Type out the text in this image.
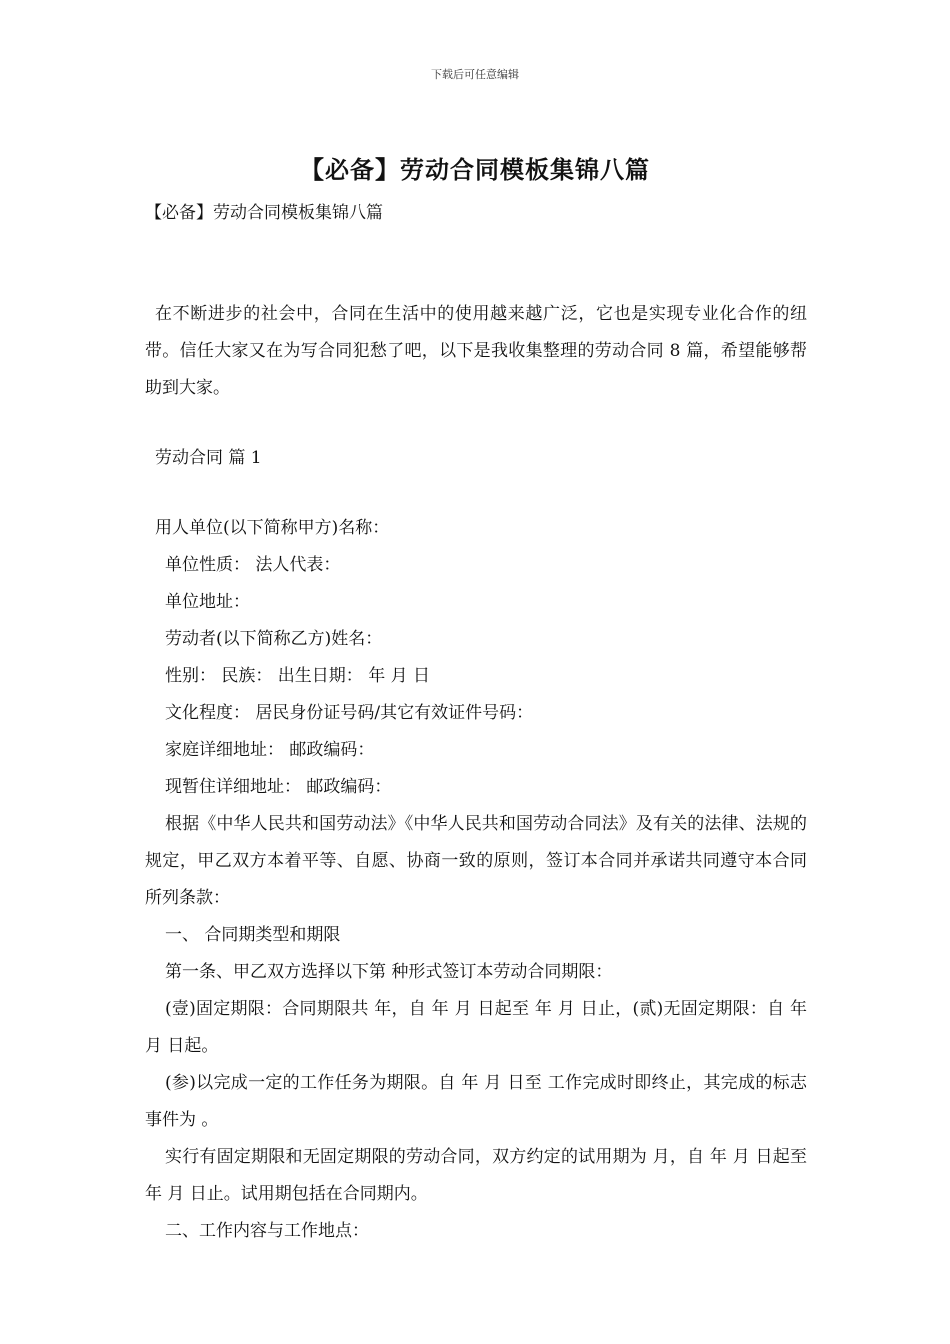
下载后可任意编辑
【必备】劳动合同模板集锦八篇
【必备】劳动合同模板集锦八篇
在不断进步的社会中，合同在生活中的使用越来越广泛，它也是实现专业化合作的纽带。信任大家又在为写合同犯愁了吧，以下是我收集整理的劳动合同 8 篇，希望能够帮助到大家。
劳动合同 篇 1

用人单位(以下简称甲方)名称：

单位性质： 法人代表：

单位地址：

劳动者(以下简称乙方)姓名：

性别： 民族： 出生日期： 年 月 日

文化程度： 居民身份证号码/其它有效证件号码：

家庭详细地址： 邮政编码：

现暂住详细地址： 邮政编码：

根据《中华人民共和国劳动法》《中华人民共和国劳动合同法》及有关的法律、法规的规定，甲乙双方本着平等、自愿、协商一致的原则，签订本合同并承诺共同遵守本合同所列条款：

一、 合同期类型和期限

第一条、甲乙双方选择以下第 种形式签订本劳动合同期限：

(壹)固定期限：合同期限共 年，自 年 月 日起至 年 月 日止，(贰)无固定期限：自 年 月 日起。

(参)以完成一定的工作任务为期限。自 年 月 日至 工作完成时即终止，其完成的标志事件为 。

实行有固定期限和无固定期限的劳动合同，双方约定的试用期为 月，自 年 月 日起至 年 月 日止。试用期包括在合同期内。

二、工作内容与工作地点：
